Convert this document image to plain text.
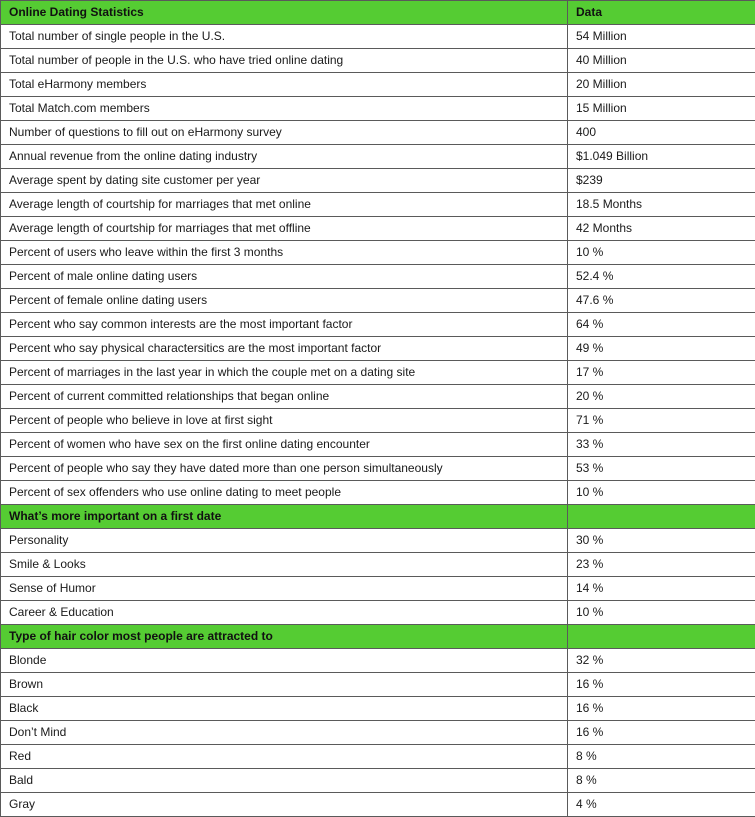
Online Dating Statistics	Data
Total number of single people in the U.S.	54 Million
Total number of people in the U.S. who have tried online dating	40 Million
Total eHarmony members	20 Million
Total Match.com members	15 Million
Number of questions to fill out on eHarmony survey	400
Annual revenue from the online dating industry	$1.049 Billion
Average spent by dating site customer per year	$239
Average length of courtship for marriages that met online	18.5 Months
Average length of courtship for marriages that met offline	42 Months
Percent of users who leave within the first 3 months	10 %
Percent of male online dating users	52.4 %
Percent of female online dating users	47.6 %
Percent who say common interests are the most important factor	64 %
Percent who say physical charactersitics are the most important factor	49 %
Percent of marriages in the last year in which the couple met on a dating site	17 %
Percent of current committed relationships that began online	20 %
Percent of people who believe in love at first sight	71 %
Percent of women who have sex on the first online dating encounter	33 %
Percent of people who say they have dated more than one person simultaneously	53 %
Percent of sex offenders who use online dating to meet people	10 %
What’s more important on a first date	
Personality	30 %
Smile & Looks	23 %
Sense of Humor	14 %
Career & Education	10 %
Type of hair color most people are attracted to	
Blonde	32 %
Brown	16 %
Black	16 %
Don’t Mind	16 %
Red	8 %
Bald	8 %
Gray	4 %
